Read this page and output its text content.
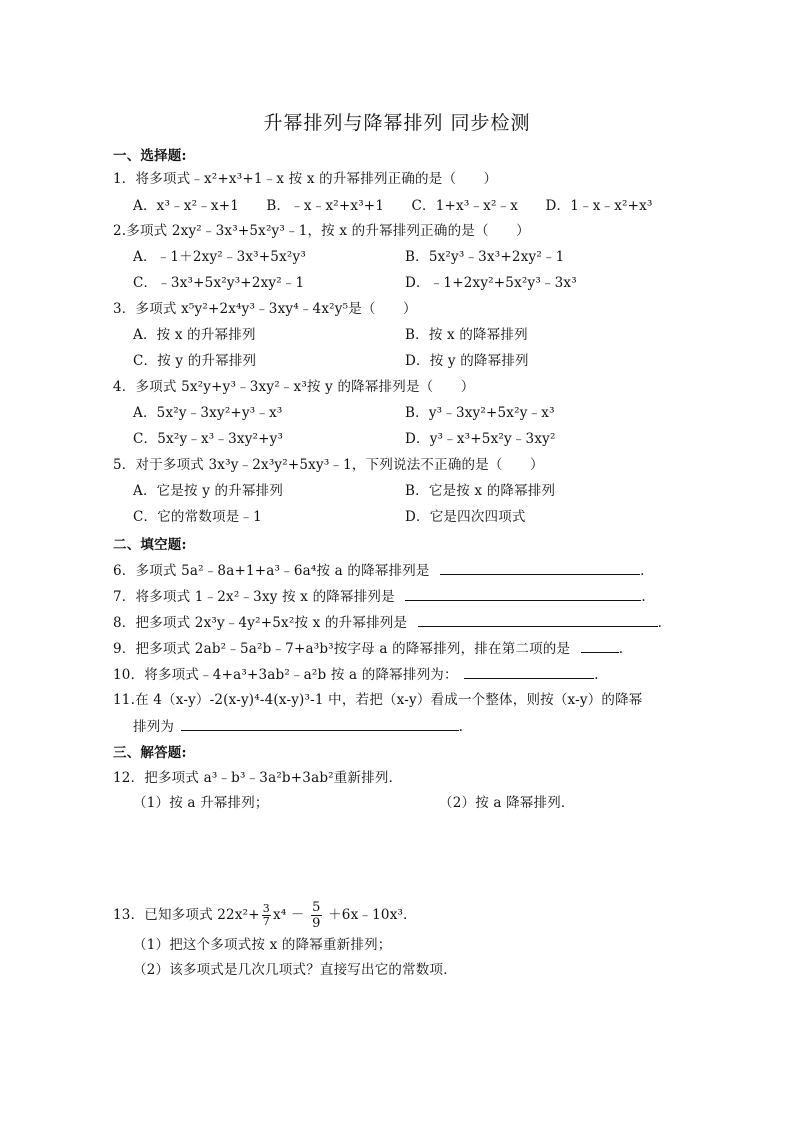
升幂排列与降幂排列 同步检测
一、选择题:
1．将多项式﹣x²+x³+1﹣x 按 x 的升幂排列正确的是（　　）
A．x³﹣x²﹣x+1　　B．﹣x﹣x²+x³+1　　C．1+x³﹣x²﹣x　　D．1﹣x﹣x²+x³
2.多项式 2xy²﹣3x³+5x²y³﹣1，按 x 的升幂排列正确的是（　　）
A．﹣1＋2xy²﹣3x³+5x²y³	B．5x²y³﹣3x³+2xy²﹣1
C．﹣3x³+5x²y³+2xy²﹣1	D．﹣1+2xy²+5x²y³﹣3x³
3．多项式 x⁵y²+2x⁴y³﹣3xy⁴﹣4x²y⁵是（　　）
A．按 x 的升幂排列	B．按 x 的降幂排列
C．按 y 的升幂排列	D．按 y 的降幂排列
4．多项式 5x²y+y³﹣3xy²﹣x³按 y 的降幂排列是（　　）
A．5x²y﹣3xy²+y³﹣x³	B．y³﹣3xy²+5x²y﹣x³
C．5x²y﹣x³﹣3xy²+y³	D．y³﹣x³+5x²y﹣3xy²
5．对于多项式 3x³y﹣2x³y²+5xy³﹣1，下列说法不正确的是（　　）
A．它是按 y 的升幂排列	B．它是按 x 的降幂排列
C．它的常数项是﹣1	D．它是四次四项式
二、填空题:
6．多项式 5a²﹣8a+1+a³﹣6a⁴按 a 的降幂排列是	.
7．将多项式 1﹣2x²﹣3xy 按 x 的降幂排列是	.
8．把多项式 2x³y﹣4y²+5x²按 x 的升幂排列是	.
9．把多项式 2ab²﹣5a²b﹣7+a³b³按字母 a 的降幂排列，排在第二项的是	.
10．将多项式﹣4+a³+3ab²﹣a²b 按 a 的降幂排列为：	.
11.在 4（x-y）-2(x-y)⁴-4(x-y)³-1 中，若把（x-y）看成一个整体，则按（x-y）的降幂
排列为	.
三、解答题:
12．把多项式 a³﹣b³﹣3a²b+3ab²重新排列．
（1）按 a 升幂排列；	（2）按 a 降幂排列．
13．已知多项式 $22x^2+ \frac{3}{7} x^4 - \frac{5}{9}$ ＋6x﹣10x³．
（1）把这个多项式按 x 的降幂重新排列；
（2）该多项式是几次几项式？直接写出它的常数项．
